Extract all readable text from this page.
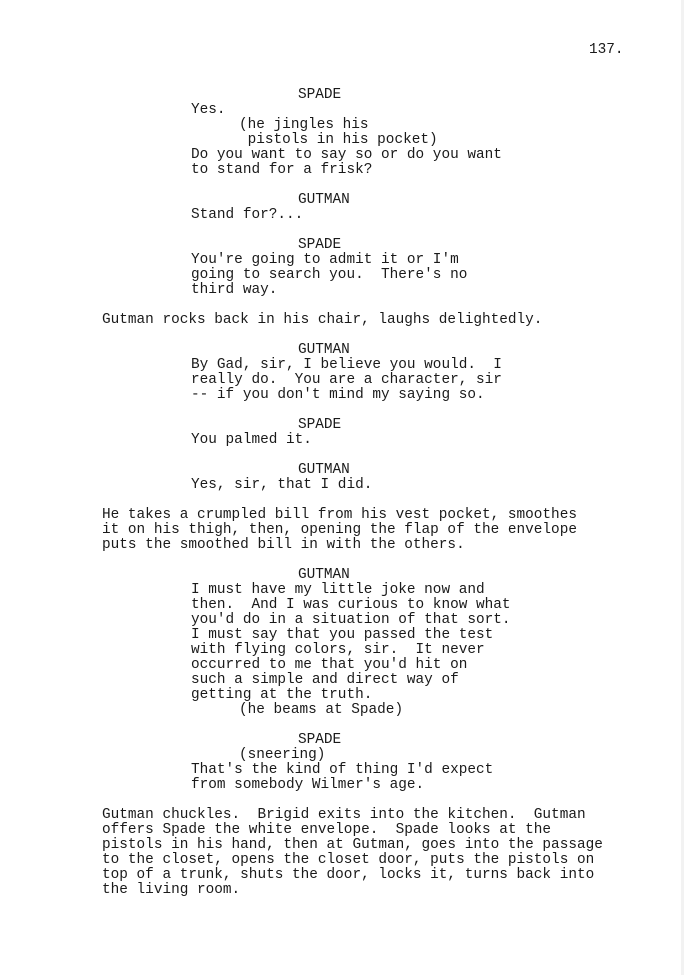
137.
SPADE
Yes.
(he jingles his
pistols in his pocket)
Do you want to say so or do you want
to stand for a frisk?
GUTMAN
Stand for?...
SPADE
You're going to admit it or I'm
going to search you.  There's no
third way.
Gutman rocks back in his chair, laughs delightedly.
GUTMAN
By Gad, sir, I believe you would.  I
really do.  You are a character, sir
-- if you don't mind my saying so.
SPADE
You palmed it.
GUTMAN
Yes, sir, that I did.
He takes a crumpled bill from his vest pocket, smoothes
it on his thigh, then, opening the flap of the envelope
puts the smoothed bill in with the others.
GUTMAN
I must have my little joke now and
then.  And I was curious to know what
you'd do in a situation of that sort.
I must say that you passed the test
with flying colors, sir.  It never
occurred to me that you'd hit on
such a simple and direct way of
getting at the truth.
(he beams at Spade)
SPADE
(sneering)
That's the kind of thing I'd expect
from somebody Wilmer's age.
Gutman chuckles.  Brigid exits into the kitchen.  Gutman
offers Spade the white envelope.  Spade looks at the
pistols in his hand, then at Gutman, goes into the passage
to the closet, opens the closet door, puts the pistols on
top of a trunk, shuts the door, locks it, turns back into
the living room.
